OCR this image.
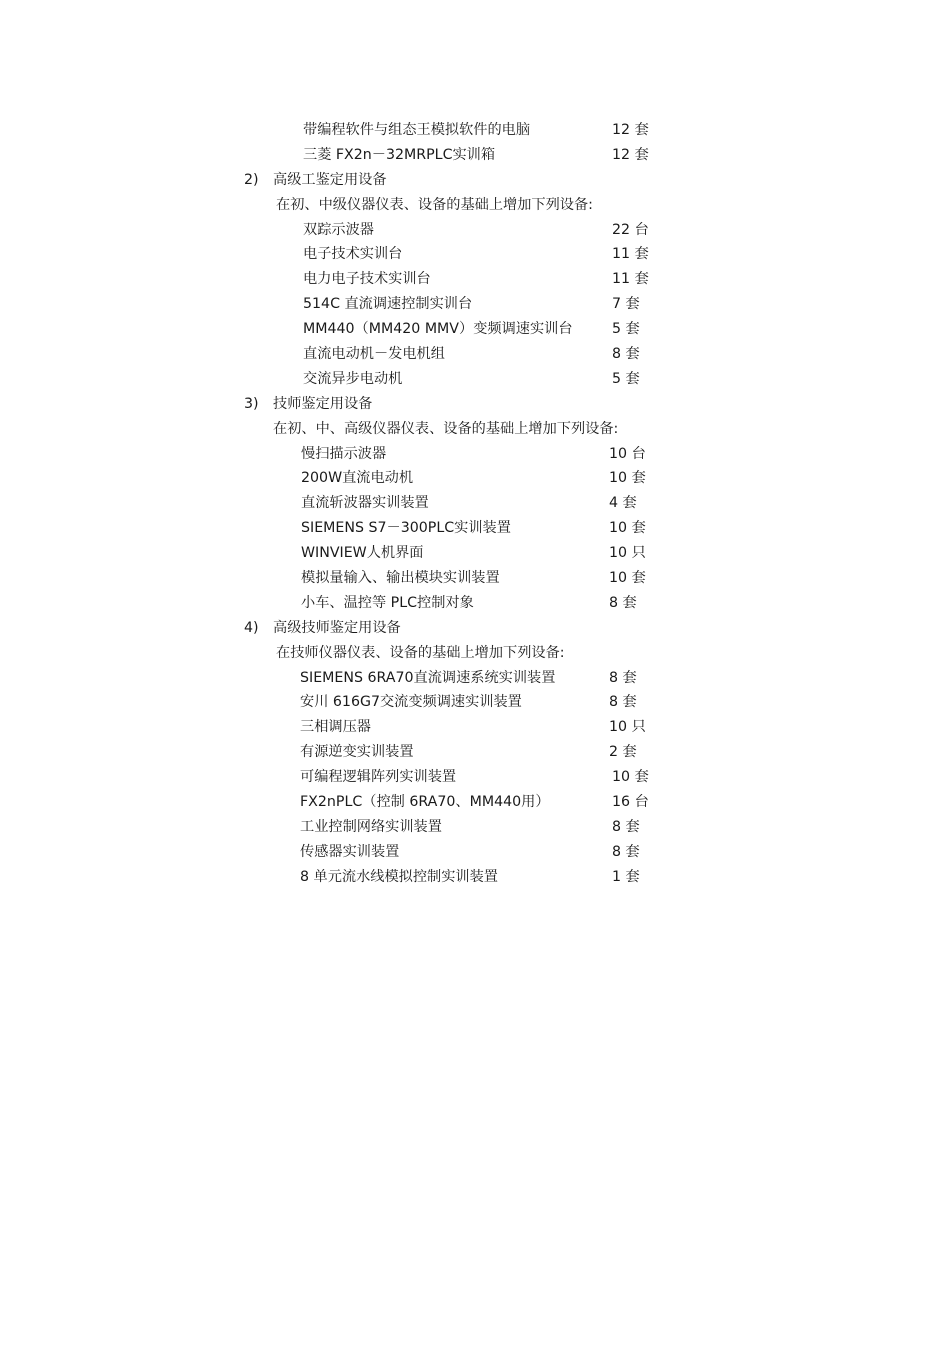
带编程软件与组态王模拟软件的电脑	12 套
三菱 FX2n－32MRPLC实训箱	12 套
2) 高级工鉴定用设备
在初、中级仪器仪表、设备的基础上增加下列设备:
双踪示波器	22 台
电子技术实训台	11 套
电力电子技术实训台	11 套
514C 直流调速控制实训台	7 套
MM440（MM420 MMV）变频调速实训台	5 套
直流电动机－发电机组	8 套
交流异步电动机	5 套
3) 技师鉴定用设备
在初、中、高级仪器仪表、设备的基础上增加下列设备:
慢扫描示波器	10 台
200W直流电动机	10 套
直流斩波器实训装置	4 套
SIEMENS S7－300PLC实训装置	10 套
WINVIEW人机界面	10 只
模拟量输入、输出模块实训装置	10 套
小车、温控等 PLC控制对象	8 套
4) 高级技师鉴定用设备
在技师仪器仪表、设备的基础上增加下列设备:
SIEMENS 6RA70直流调速系统实训装置	8 套
安川 616G7交流变频调速实训装置	8 套
三相调压器	10 只
有源逆变实训装置	2 套
可编程逻辑阵列实训装置	10 套
FX2nPLC（控制 6RA70、MM440用）	16 台
工业控制网络实训装置	8 套
传感器实训装置	8 套
8 单元流水线模拟控制实训装置	1 套
